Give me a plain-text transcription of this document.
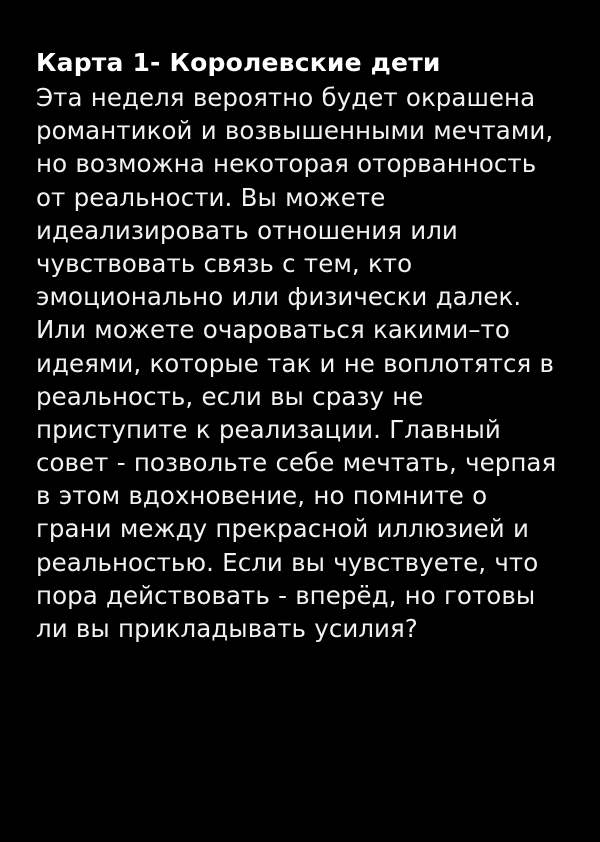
Карта 1- Королевские дети

Эта неделя вероятно будет окрашена романтикой и возвышенными мечтами, но возможна некоторая оторванность от реальности. Вы можете идеализировать отношения или чувствовать связь с тем, кто эмоционально или физически далек. Или можете очароваться какими–то идеями, которые так и не воплотятся в реальность, если вы сразу не приступите к реализации. Главный совет - позвольте себе мечтать, черпая в этом вдохновение, но помните о грани между прекрасной иллюзией и реальностью. Если вы чувствуете, что пора действовать - вперёд, но готовы ли вы прикладывать усилия?
